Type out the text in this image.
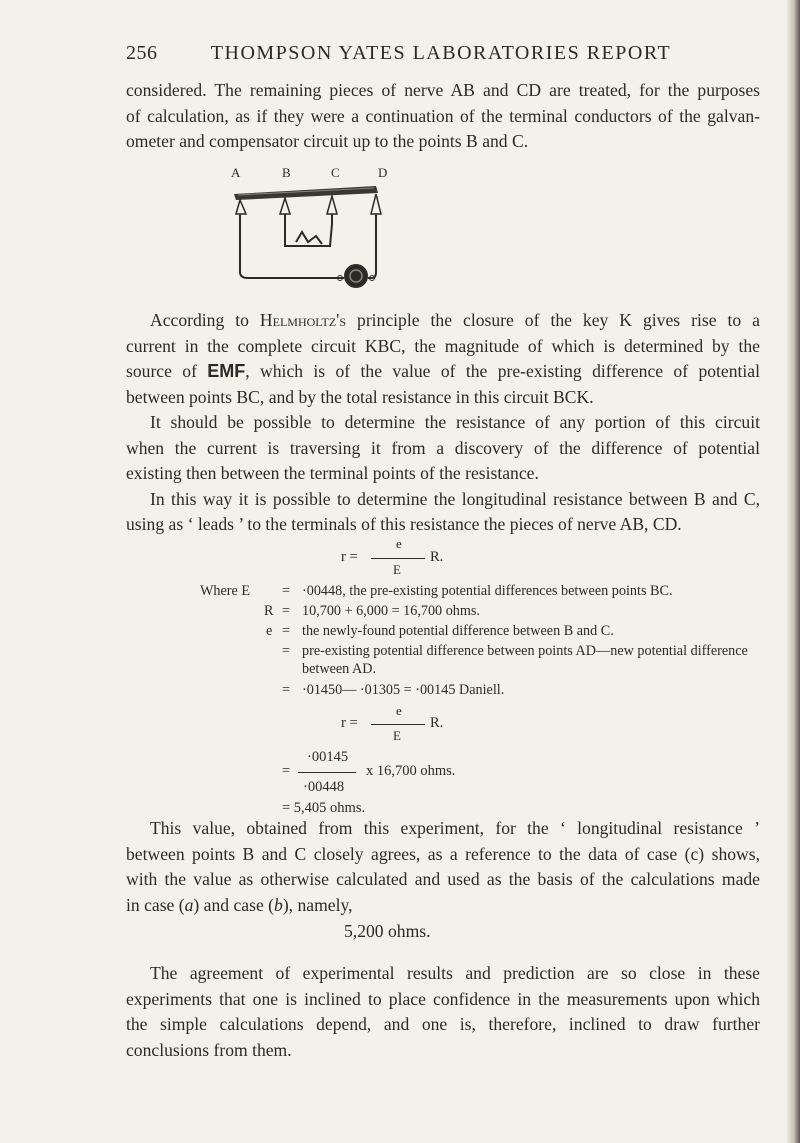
256	THOMPSON YATES LABORATORIES REPORT
considered. The remaining pieces of nerve AB and CD are treated, for the purposes
of calculation, as if they were a continuation of the terminal conductors of the galvan-
ometer and compensator circuit up to the points B and C.
A	B	C	D
According to Helmholtz's principle the closure of the key K gives rise to a
current in the complete circuit KBC, the magnitude of which is determined by the
source of EMF, which is of the value of the pre-existing difference of potential
between points BC, and by the total resistance in this circuit BCK.
It should be possible to determine the resistance of any portion of this circuit
when the current is traversing it from a discovery of the difference of potential
existing then between the terminal points of the resistance.
In this way it is possible to determine the longitudinal resistance between B and C,
using as ‘ leads ’ to the terminals of this resistance the pieces of nerve AB, CD.
e
r =	R.
E
Where E = ·00448, the pre-existing potential differences between points BC.
R = 10,700 + 6,000 = 16,700 ohms.
e = the newly-found potential difference between B and C.
= pre-existing potential difference between points AD—new potential difference
between AD.
= ·01450— ·01305 = ·00145 Daniell.
e
r =	R.
E
·00145
=	x 16,700 ohms.
·00448
= 5,405 ohms.
This value, obtained from this experiment, for the ‘ longitudinal resistance ’
between points B and C closely agrees, as a reference to the data of case (c) shows,
with the value as otherwise calculated and used as the basis of the calculations made
in case (a) and case (b), namely,
5,200 ohms.
The agreement of experimental results and prediction are so close in these
experiments that one is inclined to place confidence in the measurements upon which
the simple calculations depend, and one is, therefore, inclined to draw further
conclusions from them.
